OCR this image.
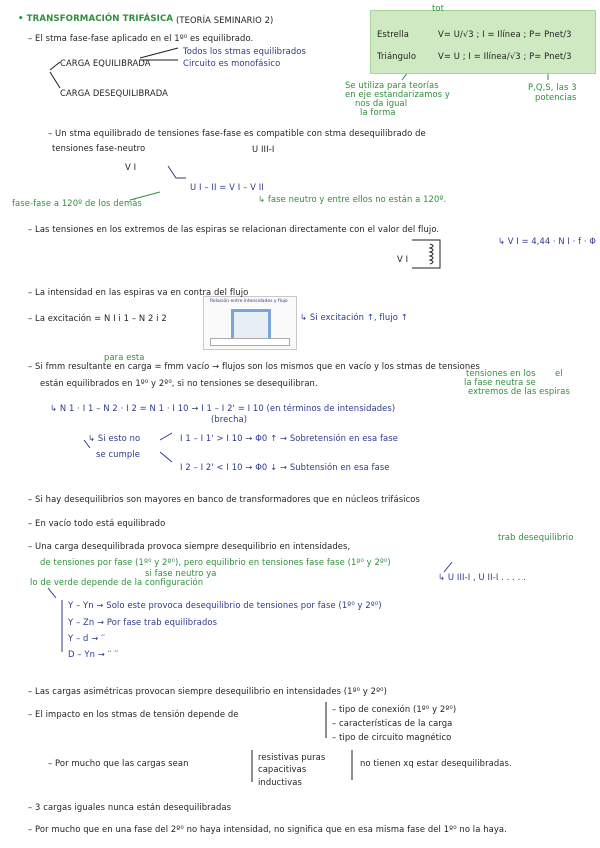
Relación entre intensidades y flujo
• TRANSFORMACIÓN TRIFÁSICA (TEORÍA SEMINARIO 2)
– El stma fase-fase aplicado en el 1º⁰ es equilibrado.
Todos los stmas equilibrados
CARGA EQUILIBRADA	Circuito es monofásico
CARGA DESEQUILIBRADA
Estrella	V= U/√3 ; I = Ilínea ; P= Pnet/3
Triángulo	V= U ; I = Ilínea/√3 ; P= Pnet/3
tot
Se utiliza para teorías
en eje estandarizamos y
nos da igual
la forma
P,Q,S, las 3
potencias
– Un stma equilibrado de tensiones fase-fase es compatible con stma desequilibrado de
tensiones fase-neutro	U III-I
V I
U I – II = V I – V II
fase-fase a 120º de los demás	↳ fase neutro y entre ellos no están a 120º.
– Las tensiones en los extremos de las espiras se relacionan directamente con el valor del flujo.
↳ V I = 4,44 · N I · f · Φ
V I
– La intensidad en las espiras va en contra del flujo
– La excitación = N I i 1 – N 2 i 2	↳ Si excitación ↑, flujo ↑
para esta
– Si fmm resultante en carga = fmm vacío → flujos son los mismos que en vacío y los stmas de tensiones
tensiones en los el
la fase neutra se
están equilibrados en 1º⁰ y 2º⁰, si no tensiones se desequilibran.
extremos de las espiras
↳ N 1 · I 1 – N 2 · I 2 = N 1 · I 10 → I 1 – I 2' = I 10 (en términos de intensidades)
(brecha)
↳ Si esto no	I 1 – I 1' > I 10 → Φ0 ↑ → Sobretensión en esa fase
se cumple
I 2 – I 2' < I 10 → Φ0 ↓ → Subtensión en esa fase
– Si hay desequilibrios son mayores en banco de transformadores que en núcleos trifásicos
– En vacío todo está equilibrado
– Una carga desequilibrada provoca siempre desequilibrio en intensidades,
trab desequilibrio
de tensiones por fase (1º⁰ y 2º⁰), pero equilibrio en tensiones fase fase (1º⁰ y 2º⁰)
si fase neutro ya
lo de verde depende de la configuración	↳ U III-I , U II-I . . . . .
Y – Yn → Solo este provoca desequilibrio de tensiones por fase (1º⁰ y 2º⁰)
Y – Zn → Por fase trab equilibrados
Y – d → ′′
D – Yn → ′′ ′′
– Las cargas asimétricas provocan siempre desequilibrio en intensidades (1º⁰ y 2º⁰)
– El impacto en los stmas de tensión depende de	– tipo de conexión (1º⁰ y 2º⁰)
– características de la carga
– tipo de circuito magnético
– Por mucho que las cargas sean
resistivas puras
capacitivas
no tienen xq estar desequilibradas.
inductivas
– 3 cargas iguales nunca están desequilibradas
– Por mucho que en una fase del 2º⁰ no haya intensidad, no significa que en esa misma fase del 1º⁰ no la haya.
